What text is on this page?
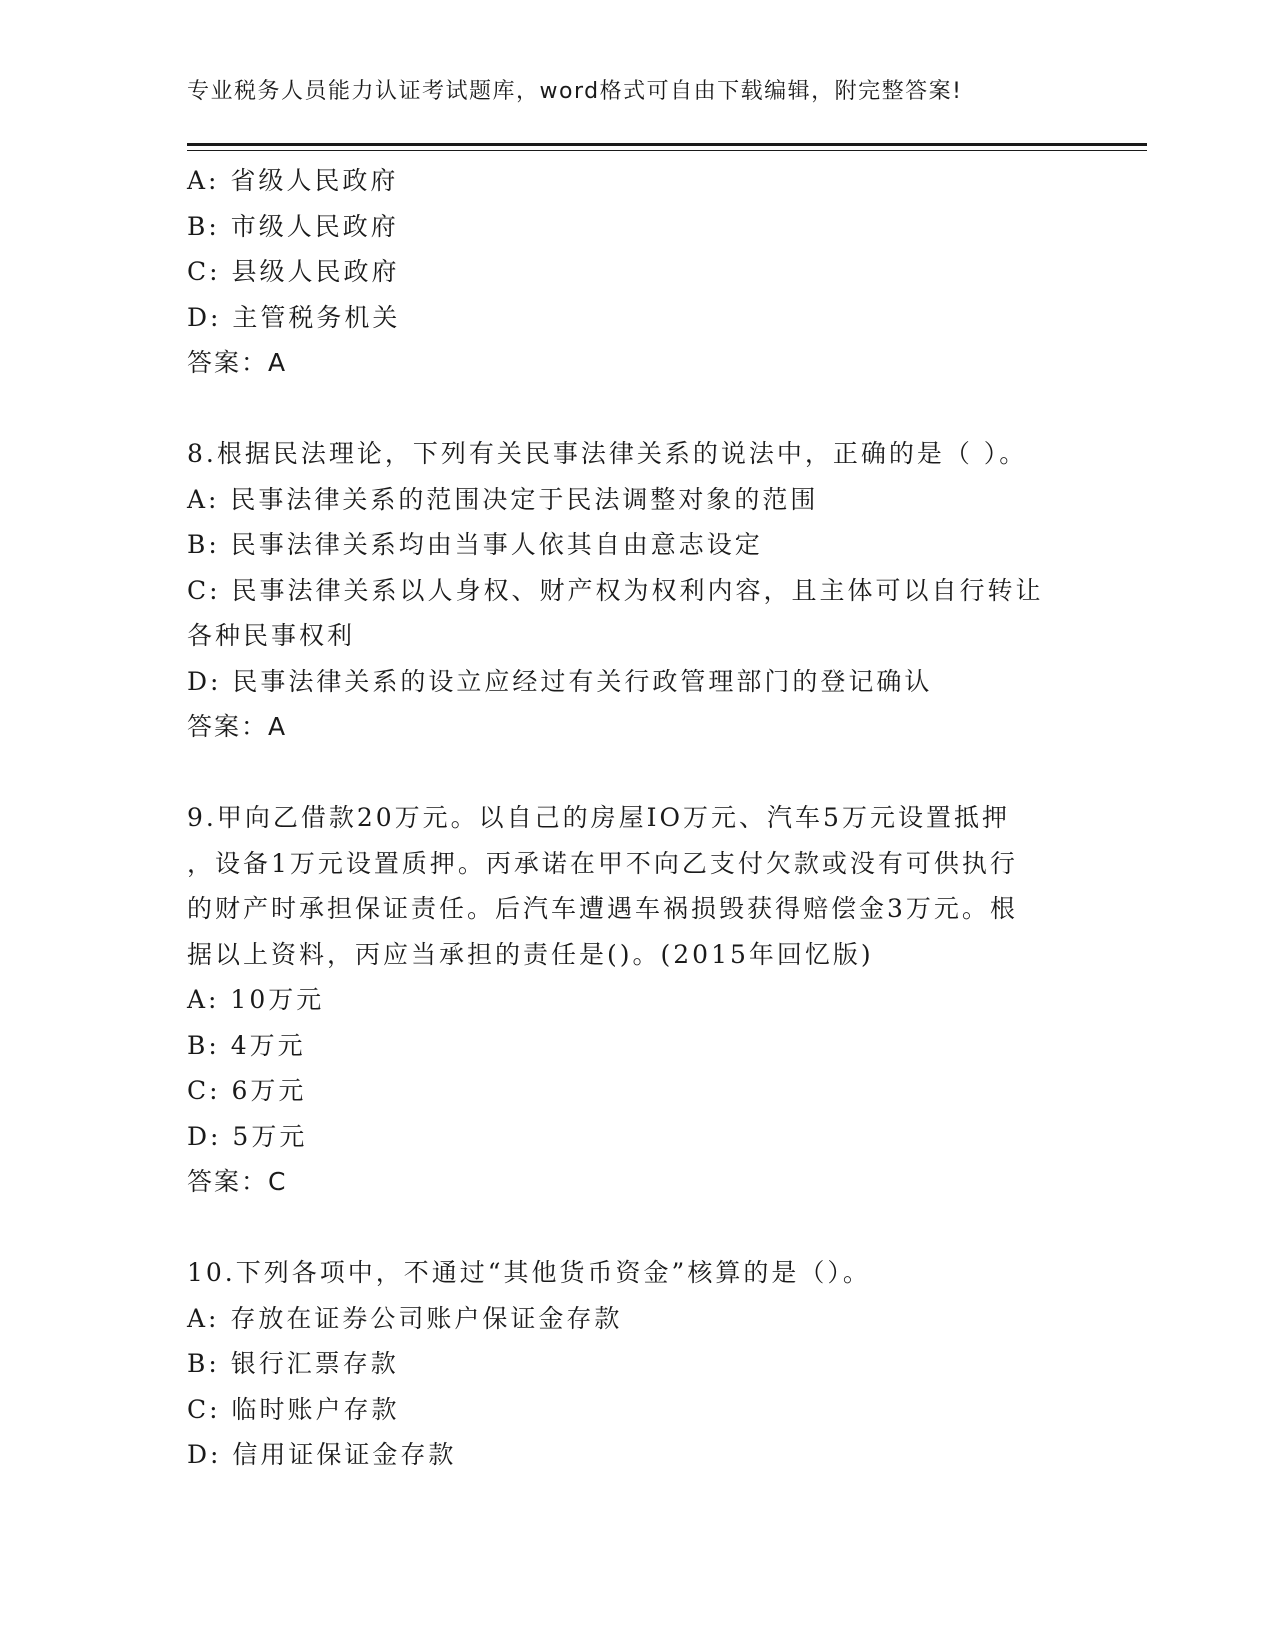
专业税务人员能力认证考试题库，word格式可自由下载编辑，附完整答案!

A: 省级人民政府

B: 市级人民政府

C: 县级人民政府

D: 主管税务机关

答案：A

8.根据民法理论，下列有关民事法律关系的说法中，正确的是（ ）。

A: 民事法律关系的范围决定于民法调整对象的范围

B: 民事法律关系均由当事人依其自由意志设定

C: 民事法律关系以人身权、财产权为权利内容，且主体可以自行转让

各种民事权利

D: 民事法律关系的设立应经过有关行政管理部门的登记确认

答案：A

9.甲向乙借款20万元。以自己的房屋IO万元、汽车5万元设置抵押

，设备1万元设置质押。丙承诺在甲不向乙支付欠款或没有可供执行

的财产时承担保证责任。后汽车遭遇车祸损毁获得赔偿金3万元。根

据以上资料，丙应当承担的责任是()。(2015年回忆版)

A: 10万元

B: 4万元

C: 6万元

D: 5万元

答案：C

10.下列各项中，不通过“其他货币资金”核算的是（）。

A: 存放在证券公司账户保证金存款

B: 银行汇票存款

C: 临时账户存款

D: 信用证保证金存款
